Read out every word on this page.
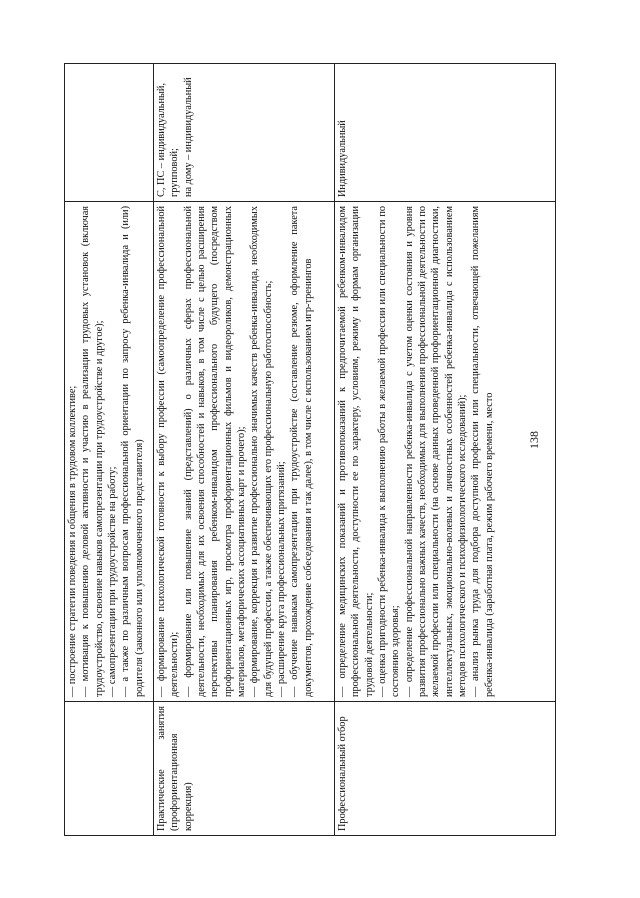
	— построение стратегии поведения и общения в трудовом коллективе; — мотивация к повышению деловой активности и участию в реализации трудовых установок (включая трудоустройство, освоение навыков самопрезентации при трудоустройстве и другое); — самопрезентации при трудоустройстве на работу; — а также по различным вопросам профессиональной ориентации по запросу ребенка-инвалида и (или) родителя (законного или уполномоченного представителя)	

Практические занятия (профориентационная коррекция)	— формирование психологической готовности к выбору профессии (самоопределение профессиональной деятельности); — формирование или повышение знаний (представлений) о различных сферах профессиональной деятельности, необходимых для их освоения способностей и навыков, в том числе с целью расширения перспективы планирования ребенком-инвалидом профессионального будущего (посредством профориентационных игр, просмотра профориентационных фильмов и видеороликов, демонстрационных материалов, метафорических ассоциативных карт и прочего); — формирование, коррекция и развитие профессионально значимых качеств ребенка-инвалида, необходимых для будущей профессии, а также обеспечивающих его профессиональную работоспособность; — расширение круга профессиональных притязаний; — обучение навыкам самопрезентации при трудоустройстве (составление резюме, оформление пакета документов, прохождение собеседования и так далее), в том числе с использованием игр-тренингов	С, ПС – индивидуальный, групповой; на дому – индивидуальный

Профессиональный отбор	— определение медицинских показаний и противопоказаний к предпочитаемой ребенком-инвалидом профессиональной деятельности, доступности ее по характеру, условиям, режиму и формам организации трудовой деятельности; — оценка пригодности ребенка-инвалида к выполнению работы в желаемой профессии или специальности по состоянию здоровья; — определение профессиональной направленности ребенка-инвалида с учетом оценки состояния и уровня развития профессионально важных качеств, необходимых для выполнения профессиональной деятельности по желаемой профессии или специальности (на основе данных проведенной профориентационной диагностики, интеллектуальных, эмоционально-волевых и личностных особенностей ребенка-инвалида с использованием методов психологического и психофизиологического исследований); — анализ рынка труда для подбора доступной профессии или специальности, отвечающей пожеланиям ребенка-инвалида (заработная плата, режим рабочего времени, место	Индивидуальный
138
